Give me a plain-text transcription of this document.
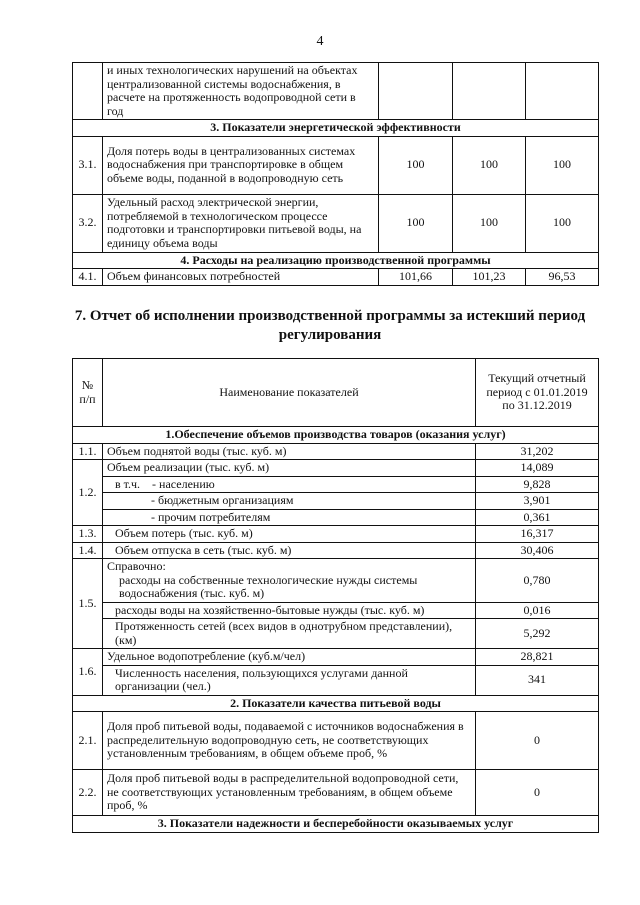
4
	и иных технологических нарушений на объектах централизованной системы водоснабжения, в расчете на протяженность водопроводной сети в год			
3. Показатели энергетической эффективности				
3.1.	Доля потерь воды в централизованных системах водоснабжения при транспортировке в общем объеме воды, поданной в водопроводную сеть	100	100	100
3.2.	Удельный расход электрической энергии, потребляемой в технологическом процессе подготовки и транспортировки питьевой воды, на единицу объема воды	100	100	100
4. Расходы на реализацию производственной программы				
4.1.	Объем финансовых потребностей	101,66	101,23	96,53
7. Отчет об исполнении производственной программы за истекший период регулирования
№ п/п	Наименование показателей	Текущий отчетный период с 01.01.2019 по 31.12.2019
1.Обеспечение объемов производства товаров (оказания услуг)		
1.1.	Объем поднятой воды (тыс. куб. м)	31,202
1.2.	Объем реализации (тыс. куб. м)	14,089
	в т.ч. - населению	9,828
	- бюджетным организациям	3,901
	- прочим потребителям	0,361
1.3.	Объем потерь (тыс. куб. м)	16,317
1.4.	Объем отпуска в сеть (тыс. куб. м)	30,406
1.5.	Справочно:
расходы на собственные технологические нужды системы водоснабжения (тыс. куб. м)	0,780
	расходы воды на хозяйственно-бытовые нужды (тыс. куб. м)	0,016
	Протяженность сетей (всех видов в однотрубном представлении), (км)	5,292
1.6.	Удельное водопотребление (куб.м/чел)	28,821
	Численность населения, пользующихся услугами данной организации (чел.)	341
2. Показатели качества питьевой воды		
2.1.	Доля проб питьевой воды, подаваемой с источников водоснабжения в распределительную водопроводную сеть, не соответствующих установленным требованиям, в общем объеме проб, %	0
2.2.	Доля проб питьевой воды в распределительной водопроводной сети, не соответствующих установленным требованиям, в общем объеме проб, %	0
3. Показатели надежности и бесперебойности оказываемых услуг		
